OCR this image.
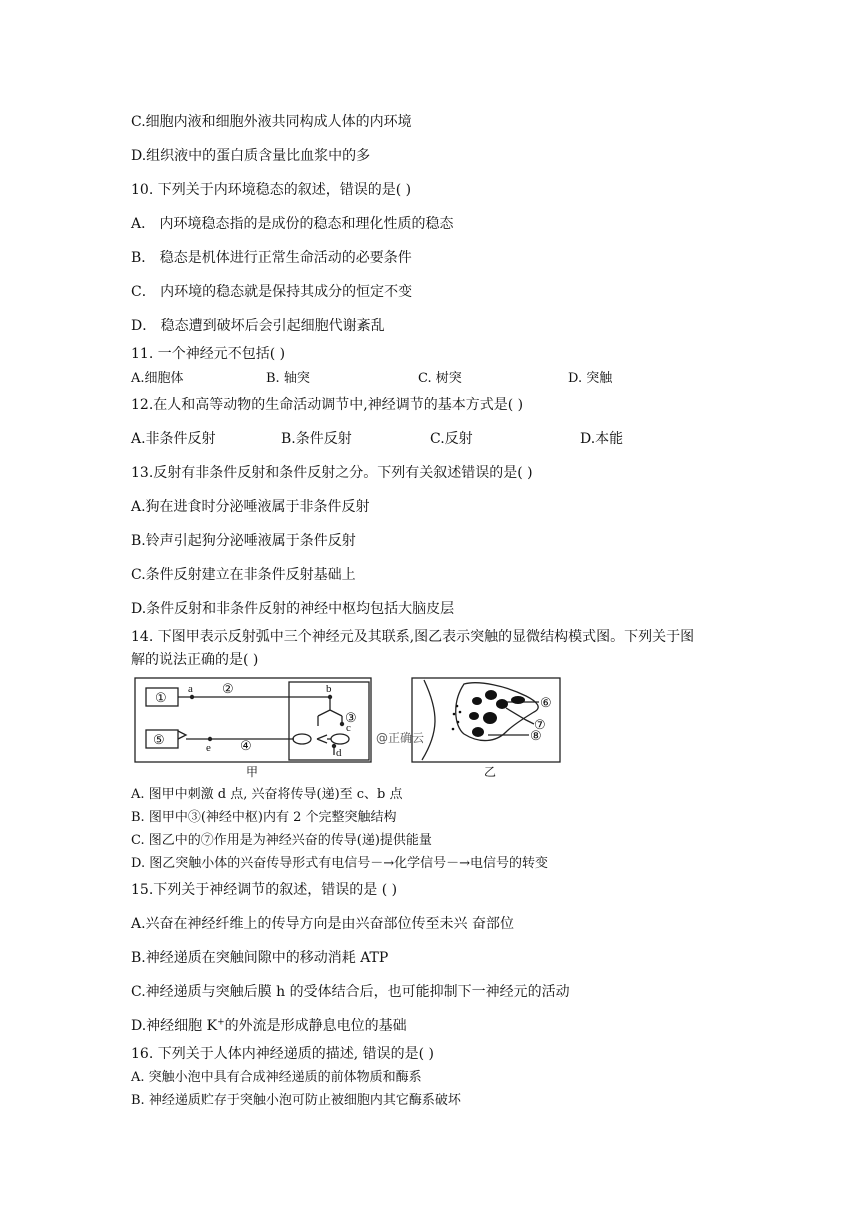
C.细胞内液和细胞外液共同构成人体的内环境
D.组织液中的蛋白质含量比血浆中的多
10. 下列关于内环境稳态的叙述，错误的是( )
A． 内环境稳态指的是成份的稳态和理化性质的稳态
B． 稳态是机体进行正常生命活动的必要条件
C． 内环境的稳态就是保持其成分的恒定不变
D． 稳态遭到破坏后会引起细胞代谢紊乱
11. 一个神经元不包括( )
A.细胞体	B. 轴突	C. 树突	D. 突触
12.在人和高等动物的生命活动调节中,神经调节的基本方式是( )
A.非条件反射	B.条件反射	C.反射	D.本能
13.反射有非条件反射和条件反射之分。下列有关叙述错误的是( )
A.狗在进食时分泌唾液属于非条件反射
B.铃声引起狗分泌唾液属于条件反射
C.条件反射建立在非条件反射基础上
D.条件反射和非条件反射的神经中枢均包括大脑皮层
14. 下图甲表示反射弧中三个神经元及其联系,图乙表示突触的显微结构模式图。下列关于图
解的说法正确的是( )
①
②
③
④
⑤
a	b
c
d
e
甲
@正确云
⑥
⑦
⑧
乙
A. 图甲中刺激 d 点, 兴奋将传导(递)至 c、b 点
B. 图甲中③(神经中枢)内有 2 个完整突触结构
C. 图乙中的⑦作用是为神经兴奋的传导(递)提供能量
D. 图乙突触小体的兴奋传导形式有电信号－→化学信号－→电信号的转变
15.下列关于神经调节的叙述，错误的是 ( )
A.兴奋在神经纤维上的传导方向是由兴奋部位传至未兴 奋部位
B.神经递质在突触间隙中的移动消耗 ATP
C.神经递质与突触后膜 h 的受体结合后，也可能抑制下一神经元的活动
D.神经细胞 K+的外流是形成静息电位的基础
16. 下列关于人体内神经递质的描述, 错误的是( )
A. 突触小泡中具有合成神经递质的前体物质和酶系
B. 神经递质贮存于突触小泡可防止被细胞内其它酶系破坏
